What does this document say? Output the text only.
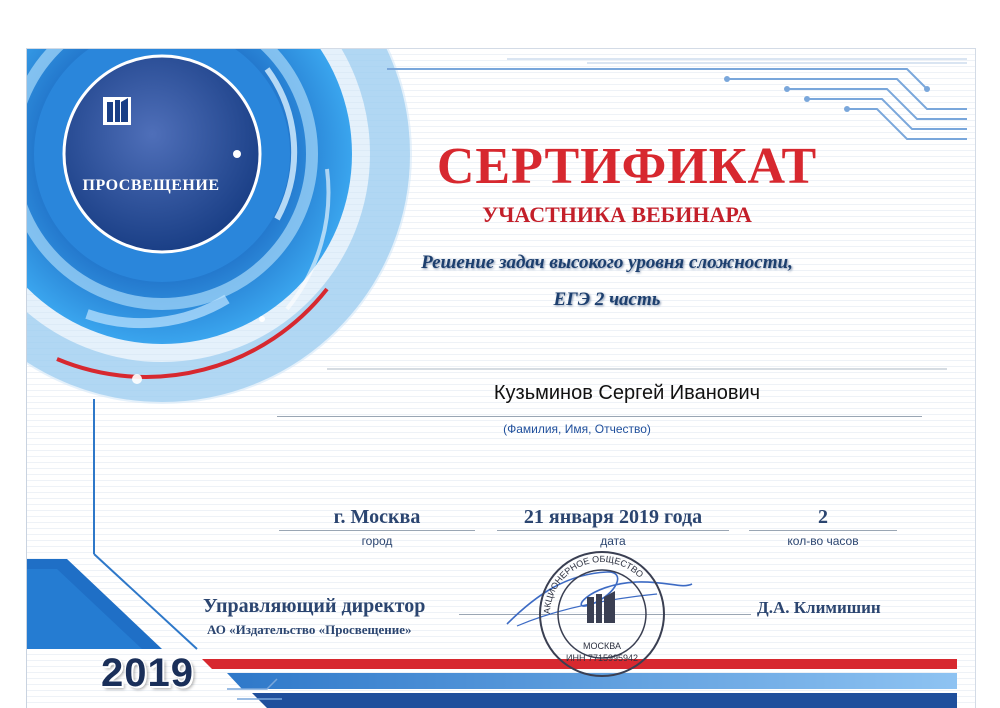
ПРОСВЕЩЕНИЕ	СЕРТИФИКАТ
УЧАСТНИКА ВЕБИНАРА
Решение задач высокого уровня сложности,
ЕГЭ 2 часть
Кузьминов Сергей Иванович
(Фамилия, Имя, Отчество)
г. Москва
город
21 января 2019 года
дата
2
кол-во часов
Управляющий директор
АО «Издательство «Просвещение»
Д.А. Климишин
АКЦИОНЕРНОЕ ОБЩЕСТВО
ИНН 7715995942
МОСКВА
2019
